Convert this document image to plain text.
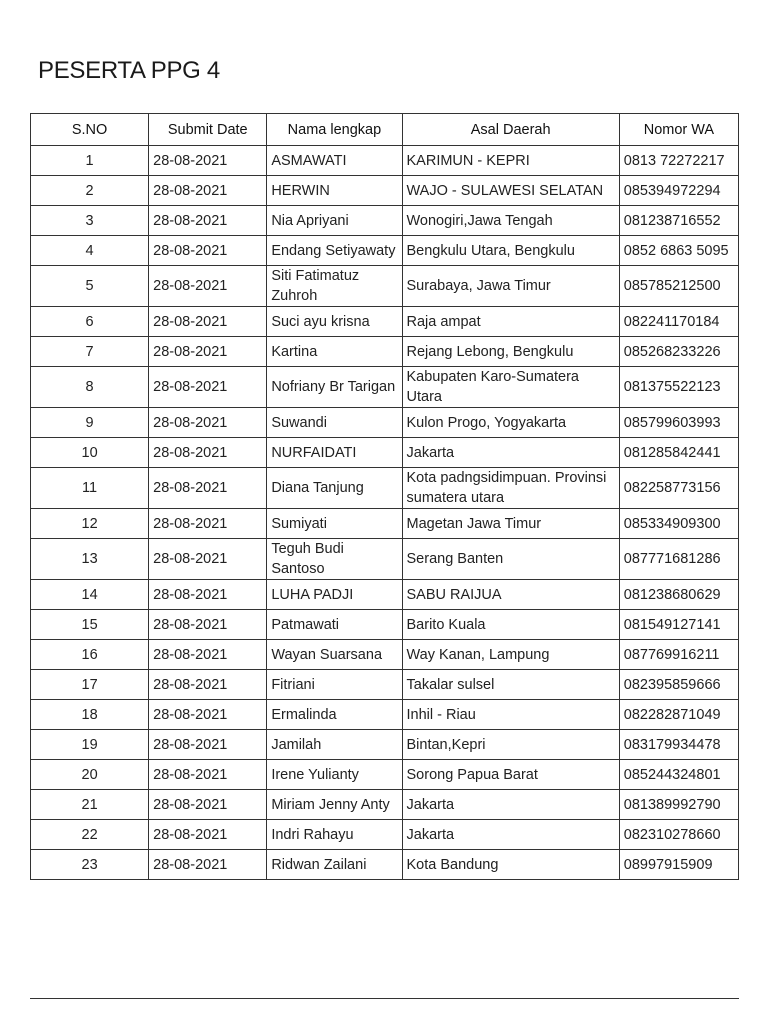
PESERTA PPG 4
S.NO	Submit Date	Nama lengkap	Asal Daerah	Nomor WA
1	28-08-2021	ASMAWATI	KARIMUN - KEPRI	0813 72272217
2	28-08-2021	HERWIN	WAJO - SULAWESI SELATAN	085394972294
3	28-08-2021	Nia Apriyani	Wonogiri,Jawa Tengah	081238716552
4	28-08-2021	Endang Setiyawaty	Bengkulu Utara, Bengkulu	0852 6863 5095
5	28-08-2021	Siti Fatimatuz Zuhroh	Surabaya, Jawa Timur	085785212500
6	28-08-2021	Suci ayu krisna	Raja ampat	082241170184
7	28-08-2021	Kartina	Rejang Lebong, Bengkulu	085268233226
8	28-08-2021	Nofriany Br Tarigan	Kabupaten Karo-Sumatera Utara	081375522123
9	28-08-2021	Suwandi	Kulon Progo, Yogyakarta	085799603993
10	28-08-2021	NURFAIDATI	Jakarta	081285842441
11	28-08-2021	Diana Tanjung	Kota padngsidimpuan. Provinsi sumatera utara	082258773156
12	28-08-2021	Sumiyati	Magetan Jawa Timur	085334909300
13	28-08-2021	Teguh Budi Santoso	Serang Banten	087771681286
14	28-08-2021	LUHA PADJI	SABU RAIJUA	081238680629
15	28-08-2021	Patmawati	Barito Kuala	081549127141
16	28-08-2021	Wayan Suarsana	Way Kanan, Lampung	087769916211
17	28-08-2021	Fitriani	Takalar sulsel	082395859666
18	28-08-2021	Ermalinda	Inhil - Riau	082282871049
19	28-08-2021	Jamilah	Bintan,Kepri	083179934478
20	28-08-2021	Irene Yulianty	Sorong Papua Barat	085244324801
21	28-08-2021	Miriam Jenny Anty	Jakarta	081389992790
22	28-08-2021	Indri Rahayu	Jakarta	082310278660
23	28-08-2021	Ridwan Zailani	Kota Bandung	08997915909
